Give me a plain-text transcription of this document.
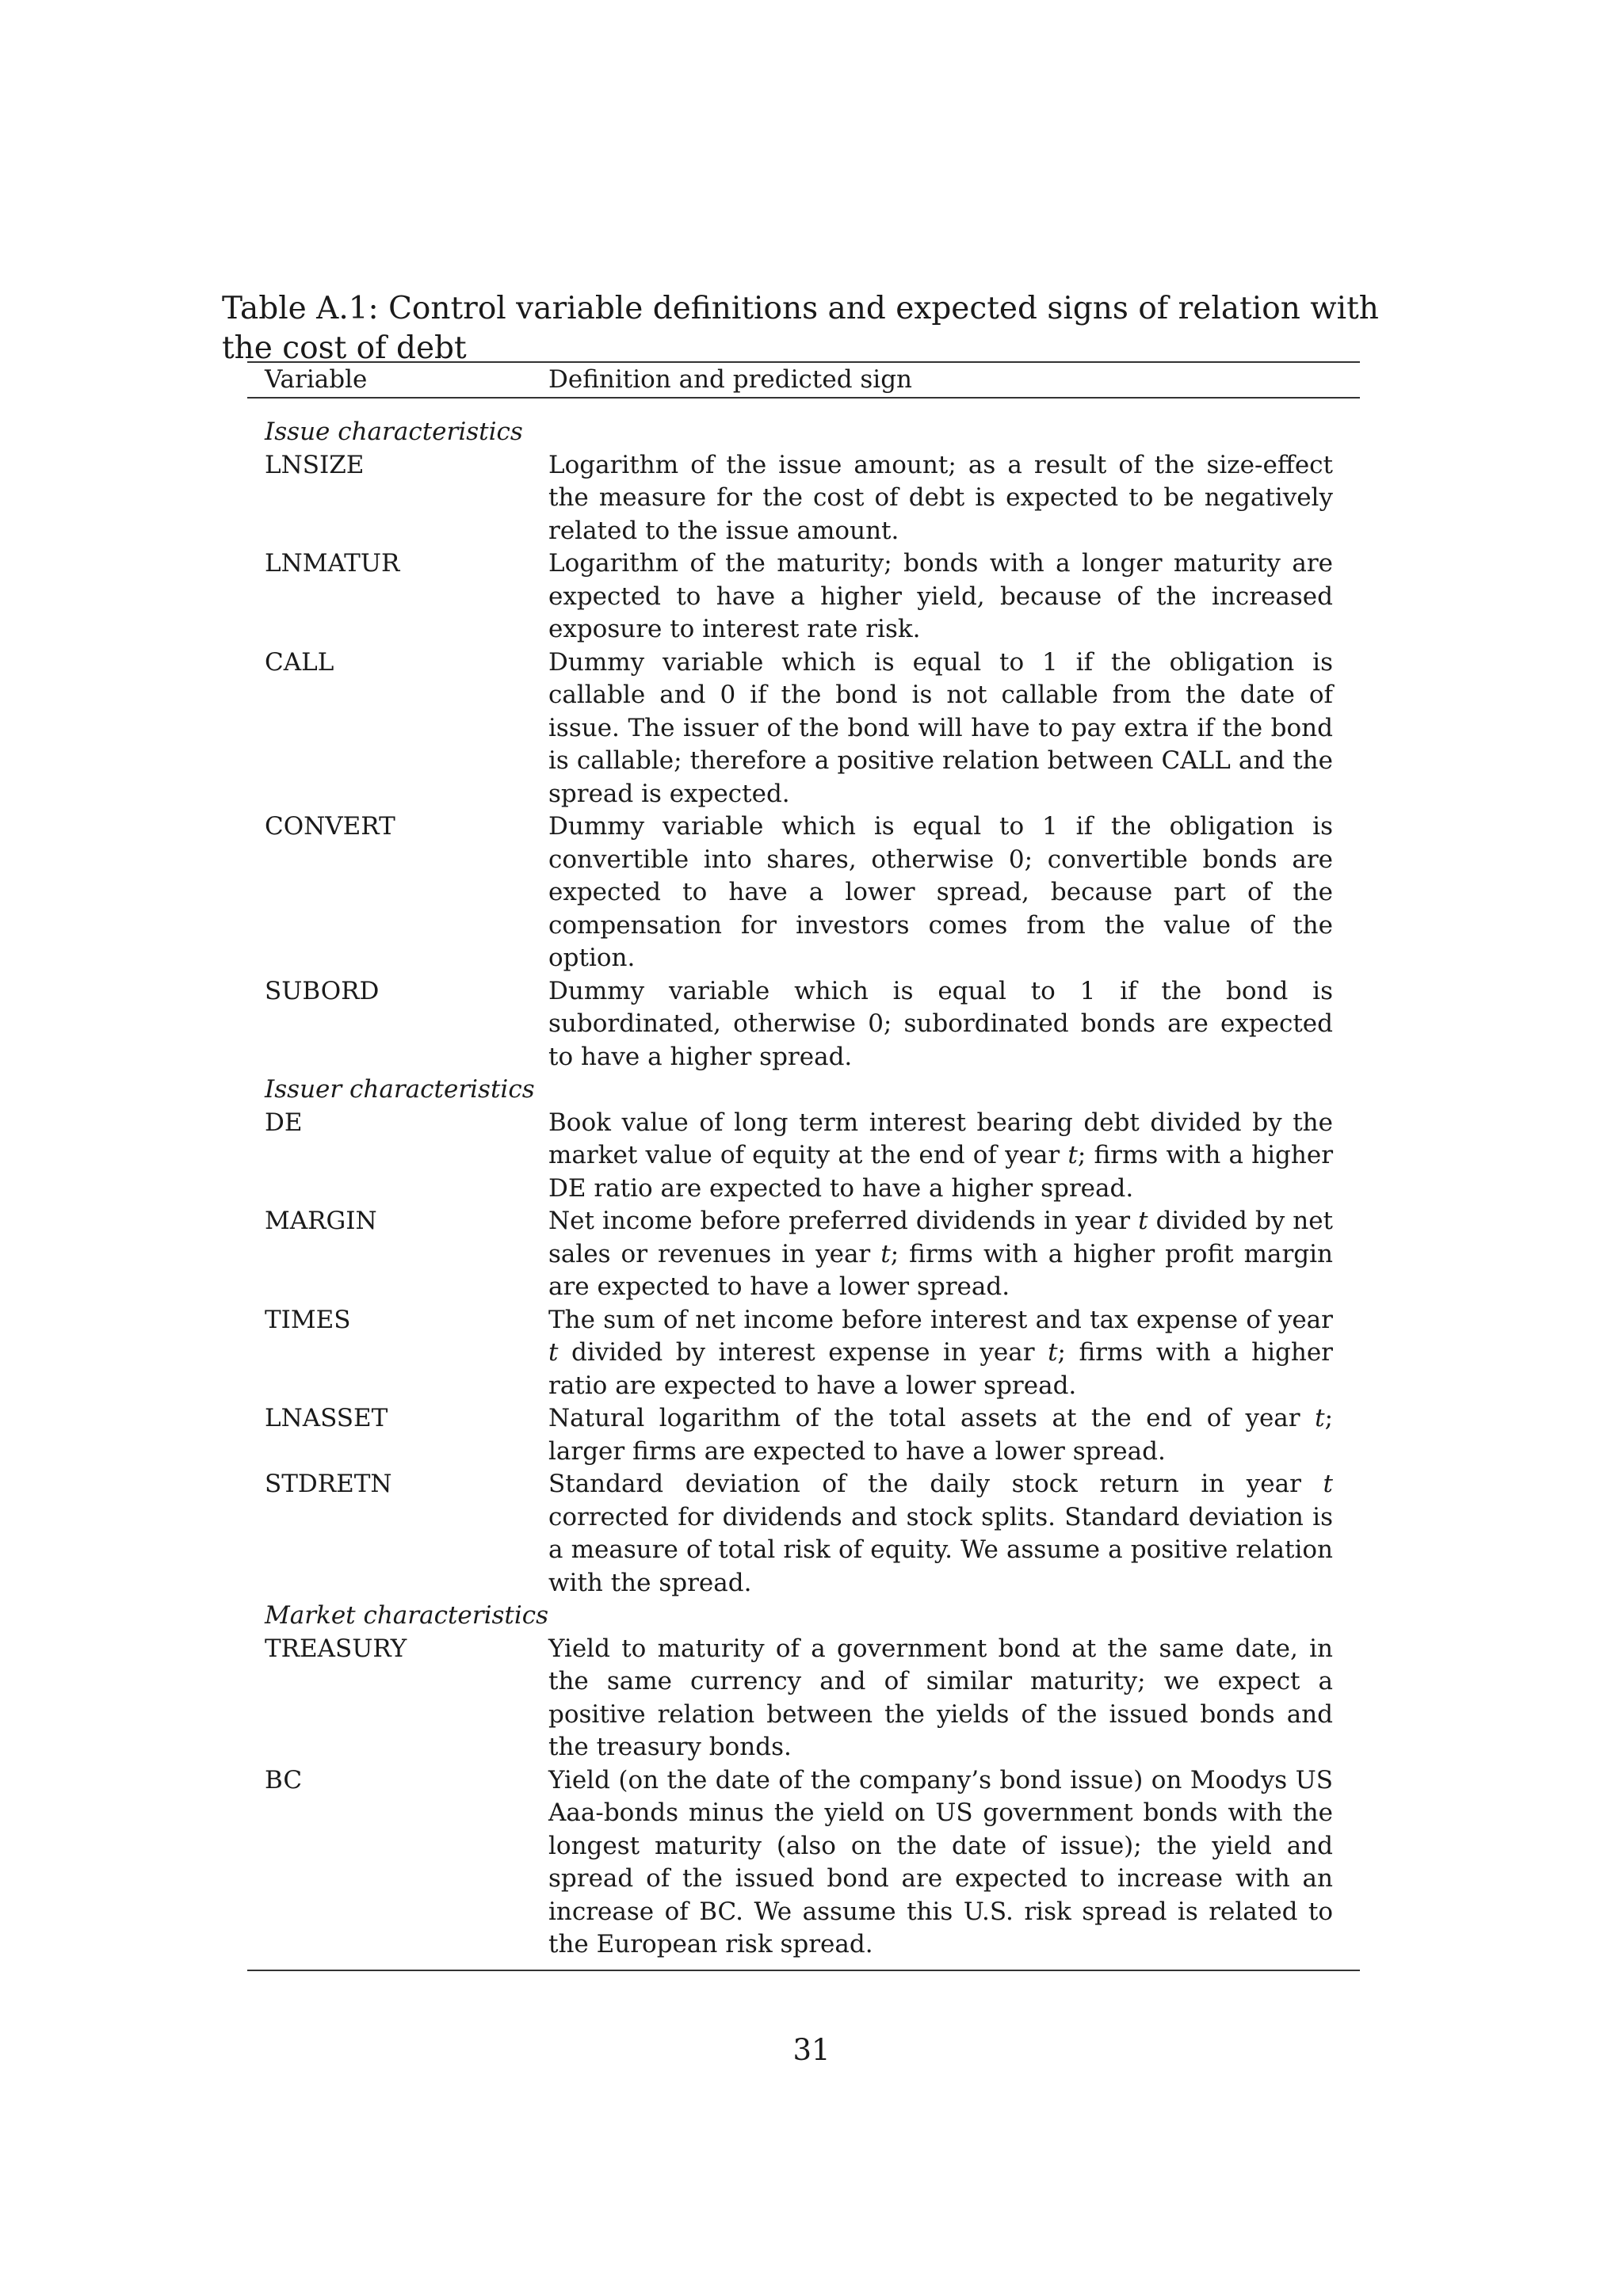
Table A.1: Control variable definitions and expected signs of relation with the cost of debt

Variable	Definition and predicted sign
Issue characteristics
LNSIZE	Logarithm of the issue amount; as a result of the size-effect the measure for the cost of debt is expected to be negatively related to the issue amount.
LNMATUR	Logarithm of the maturity; bonds with a longer maturity are expected to have a higher yield, because of the increased exposure to interest rate risk.
CALL	Dummy variable which is equal to 1 if the obligation is callable and 0 if the bond is not callable from the date of issue. The issuer of the bond will have to pay extra if the bond is callable; therefore a positive relation between CALL and the spread is expected.
CONVERT	Dummy variable which is equal to 1 if the obligation is convertible into shares, otherwise 0; convertible bonds are expected to have a lower spread, because part of the compensation for investors comes from the value of the option.
SUBORD	Dummy variable which is equal to 1 if the bond is subordinated, otherwise 0; subordinated bonds are expected to have a higher spread.
Issuer characteristics
DE	Book value of long term interest bearing debt divided by the market value of equity at the end of year t; firms with a higher DE ratio are expected to have a higher spread.
MARGIN	Net income before preferred dividends in year t divided by net sales or revenues in year t; firms with a higher profit margin are expected to have a lower spread.
TIMES	The sum of net income before interest and tax expense of year t divided by interest expense in year t; firms with a higher ratio are expected to have a lower spread.
LNASSET	Natural logarithm of the total assets at the end of year t; larger firms are expected to have a lower spread.
STDRETN	Standard deviation of the daily stock return in year t corrected for dividends and stock splits. Standard deviation is a measure of total risk of equity. We assume a positive relation with the spread.
Market characteristics
TREASURY	Yield to maturity of a government bond at the same date, in the same currency and of similar maturity; we expect a positive relation between the yields of the issued bonds and the treasury bonds.
BC	Yield (on the date of the company’s bond issue) on Moodys US Aaa-bonds minus the yield on US government bonds with the longest maturity (also on the date of issue); the yield and spread of the issued bond are expected to increase with an increase of BC. We assume this U.S. risk spread is related to the European risk spread.
31
